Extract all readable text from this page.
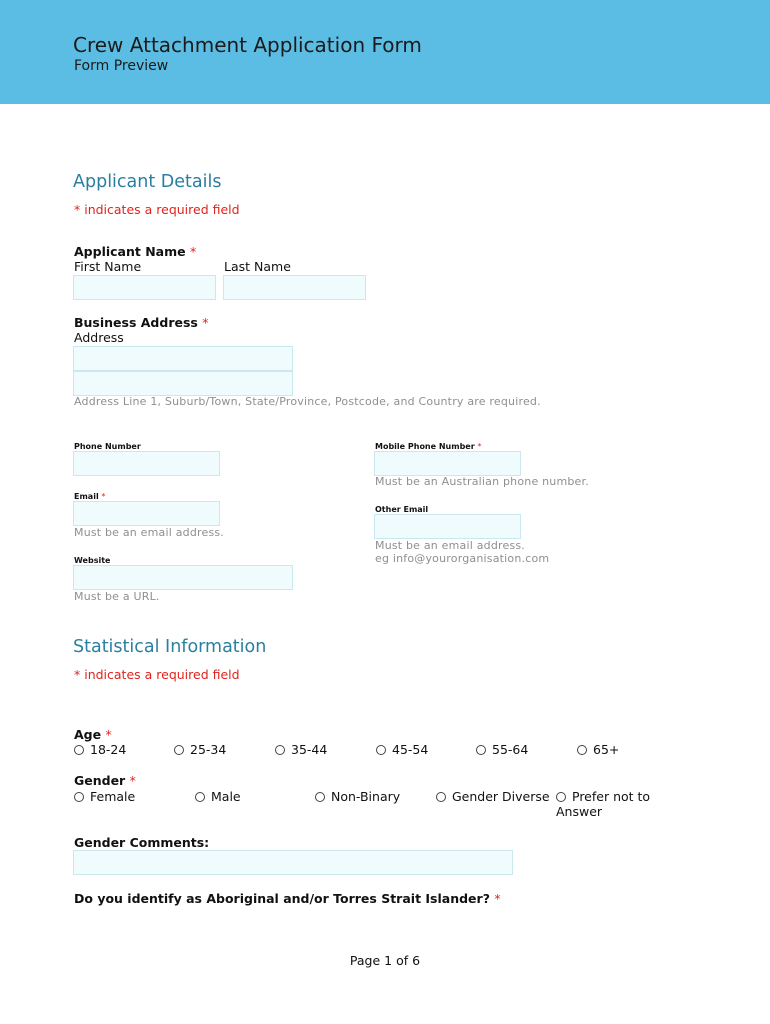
Crew Attachment Application Form
Form Preview
Applicant Details
* indicates a required field
Applicant Name *
First Name	Last Name
Business Address *
Address
Address Line 1, Suburb/Town, State/Province, Postcode, and Country are required.
Phone Number	Mobile Phone Number *
Must be an Australian phone number.
Email *
Must be an email address.
Other Email
Must be an email address.
eg info@yourorganisation.com
Website
Must be a URL.
Statistical Information
* indicates a required field
Age *
18-24	25-34	35-44	45-54	55-64	65+
Gender *
Female	Male	Non-Binary	Gender Diverse	Prefer not to
Answer
Gender Comments:
Do you identify as Aboriginal and/or Torres Strait Islander? *
Page 1 of 6
